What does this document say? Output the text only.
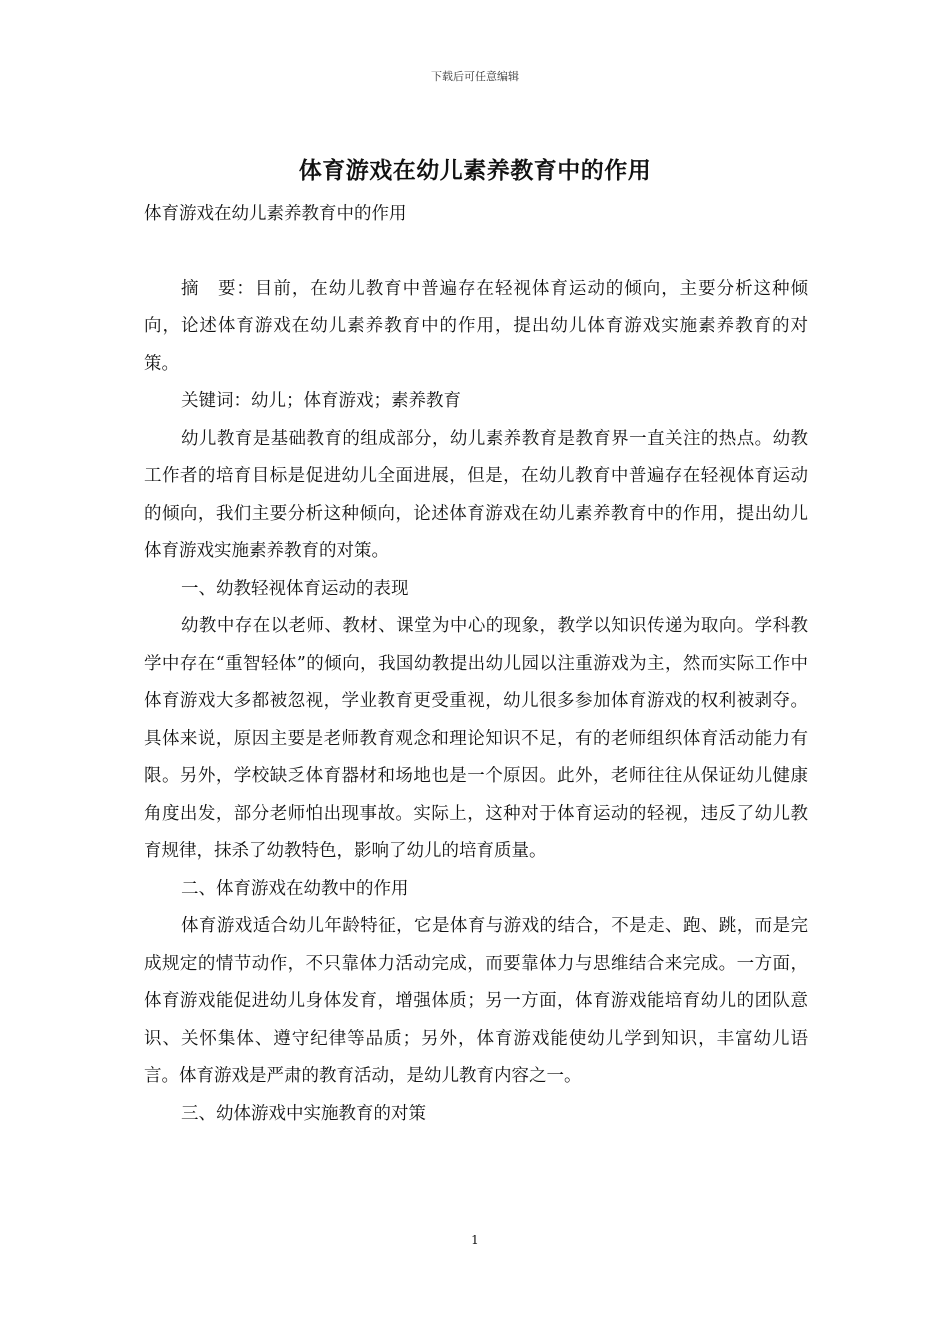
下载后可任意编辑
体育游戏在幼儿素养教育中的作用

体育游戏在幼儿素养教育中的作用

摘　要：目前，在幼儿教育中普遍存在轻视体育运动的倾向，主要分析这种倾向，论述体育游戏在幼儿素养教育中的作用，提出幼儿体育游戏实施素养教育的对策。

关键词：幼儿；体育游戏；素养教育

幼儿教育是基础教育的组成部分，幼儿素养教育是教育界一直关注的热点。幼教工作者的培育目标是促进幼儿全面进展，但是，在幼儿教育中普遍存在轻视体育运动的倾向，我们主要分析这种倾向，论述体育游戏在幼儿素养教育中的作用，提出幼儿体育游戏实施素养教育的对策。

一、幼教轻视体育运动的表现

幼教中存在以老师、教材、课堂为中心的现象，教学以知识传递为取向。学科教学中存在“重智轻体”的倾向，我国幼教提出幼儿园以注重游戏为主，然而实际工作中体育游戏大多都被忽视，学业教育更受重视，幼儿很多参加体育游戏的权利被剥夺。具体来说，原因主要是老师教育观念和理论知识不足，有的老师组织体育活动能力有限。另外，学校缺乏体育器材和场地也是一个原因。此外，老师往往从保证幼儿健康角度出发，部分老师怕出现事故。实际上，这种对于体育运动的轻视，违反了幼儿教育规律，抹杀了幼教特色，影响了幼儿的培育质量。

二、体育游戏在幼教中的作用

体育游戏适合幼儿年龄特征，它是体育与游戏的结合，不是走、跑、跳，而是完成规定的情节动作，不只靠体力活动完成，而要靠体力与思维结合来完成。一方面，体育游戏能促进幼儿身体发育，增强体质；另一方面，体育游戏能培育幼儿的团队意识、关怀集体、遵守纪律等品质；另外，体育游戏能使幼儿学到知识，丰富幼儿语言。体育游戏是严肃的教育活动，是幼儿教育内容之一。

三、幼体游戏中实施教育的对策

1
